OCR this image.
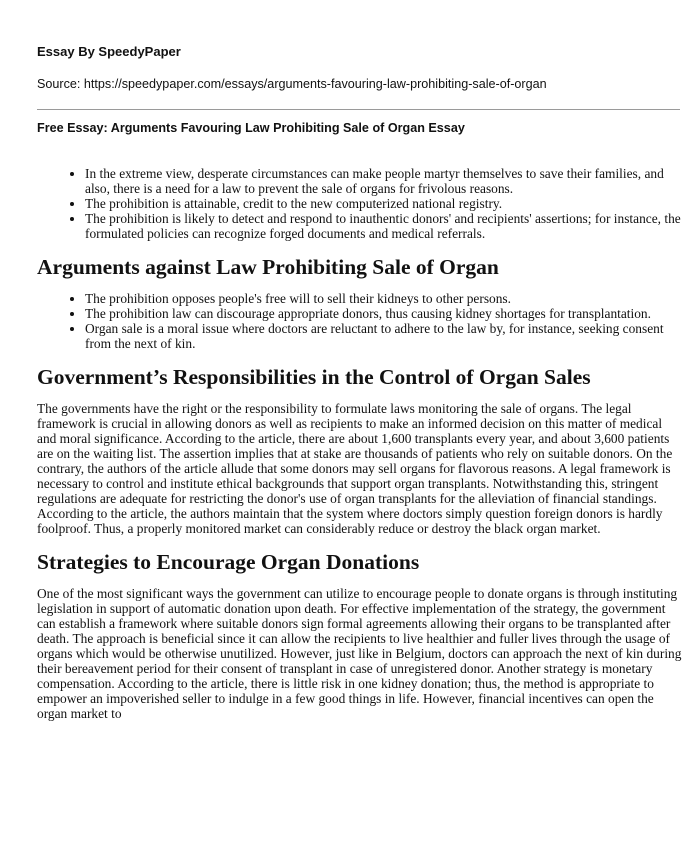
Essay By SpeedyPaper
Source: https://speedypaper.com/essays/arguments-favouring-law-prohibiting-sale-of-organ
Free Essay: Arguments Favouring Law Prohibiting Sale of Organ Essay
• In the extreme view, desperate circumstances can make people martyr themselves to save their families, and also, there is a need for a law to prevent the sale of organs for frivolous reasons.
• The prohibition is attainable, credit to the new computerized national registry.
• The prohibition is likely to detect and respond to inauthentic donors' and recipients' assertions; for instance, the formulated policies can recognize forged documents and medical referrals.
Arguments against Law Prohibiting Sale of Organ
• The prohibition opposes people's free will to sell their kidneys to other persons.
• The prohibition law can discourage appropriate donors, thus causing kidney shortages for transplantation.
• Organ sale is a moral issue where doctors are reluctant to adhere to the law by, for instance, seeking consent from the next of kin.
Government’s Responsibilities in the Control of Organ Sales

The governments have the right or the responsibility to formulate laws monitoring the sale of organs. The legal framework is crucial in allowing donors as well as recipients to make an informed decision on this matter of medical and moral significance. According to the article, there are about 1,600 transplants every year, and about 3,600 patients are on the waiting list. The assertion implies that at stake are thousands of patients who rely on suitable donors. On the contrary, the authors of the article allude that some donors may sell organs for flavorous reasons. A legal framework is necessary to control and institute ethical backgrounds that support organ transplants. Notwithstanding this, stringent regulations are adequate for restricting the donor's use of organ transplants for the alleviation of financial standings. According to the article, the authors maintain that the system where doctors simply question foreign donors is hardly foolproof. Thus, a properly monitored market can considerably reduce or destroy the black organ market.

Strategies to Encourage Organ Donations

One of the most significant ways the government can utilize to encourage people to donate organs is through instituting legislation in support of automatic donation upon death. For effective implementation of the strategy, the government can establish a framework where suitable donors sign formal agreements allowing their organs to be transplanted after death. The approach is beneficial since it can allow the recipients to live healthier and fuller lives through the usage of organs which would be otherwise unutilized. However, just like in Belgium, doctors can approach the next of kin during their bereavement period for their consent of transplant in case of unregistered donor. Another strategy is monetary compensation. According to the article, there is little risk in one kidney donation; thus, the method is appropriate to empower an impoverished seller to indulge in a few good things in life. However, financial incentives can open the organ market to
